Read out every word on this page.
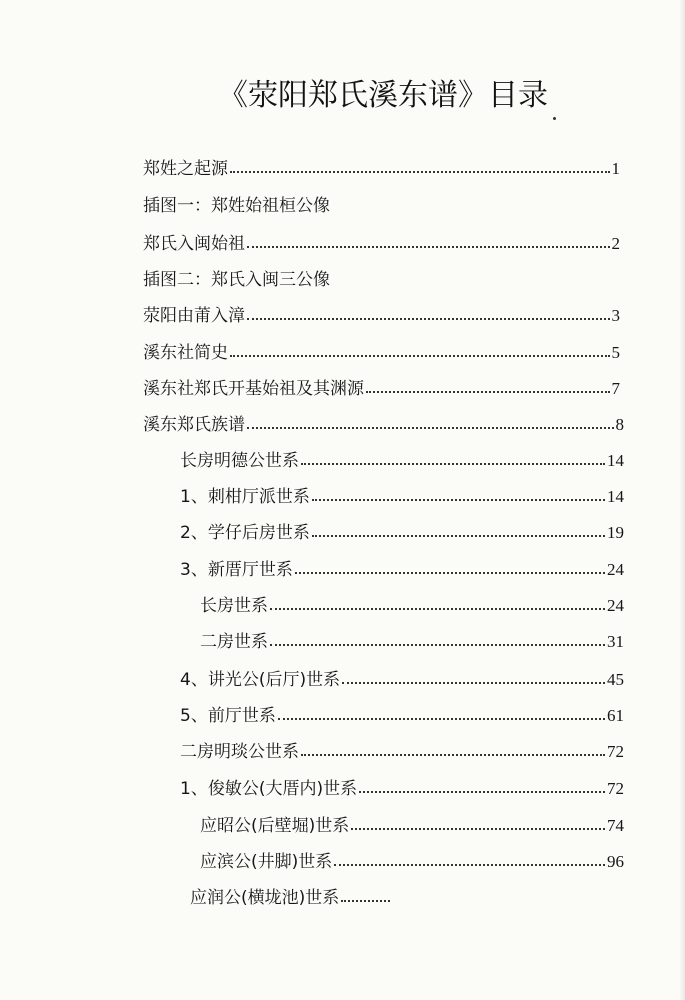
《荥阳郑氏溪东谱》目录
郑姓之起源	1
插图一：郑姓始祖桓公像
郑氏入闽始祖	2
插图二：郑氏入闽三公像
荥阳由莆入漳	3
溪东社简史	5
溪东社郑氏开基始祖及其渊源	7
溪东郑氏族谱	8
长房明德公世系	14
1、刺柑厅派世系	14
2、学仔后房世系	19
3、新厝厅世系	24
长房世系	24
二房世系	31
4、讲光公(后厅)世系	45
5、前厅世系	61
二房明琰公世系	72
1、俊敏公(大厝内)世系	72
应昭公(后壁堀)世系	74
应滨公(井脚)世系	96
应润公(横垅池)世系
